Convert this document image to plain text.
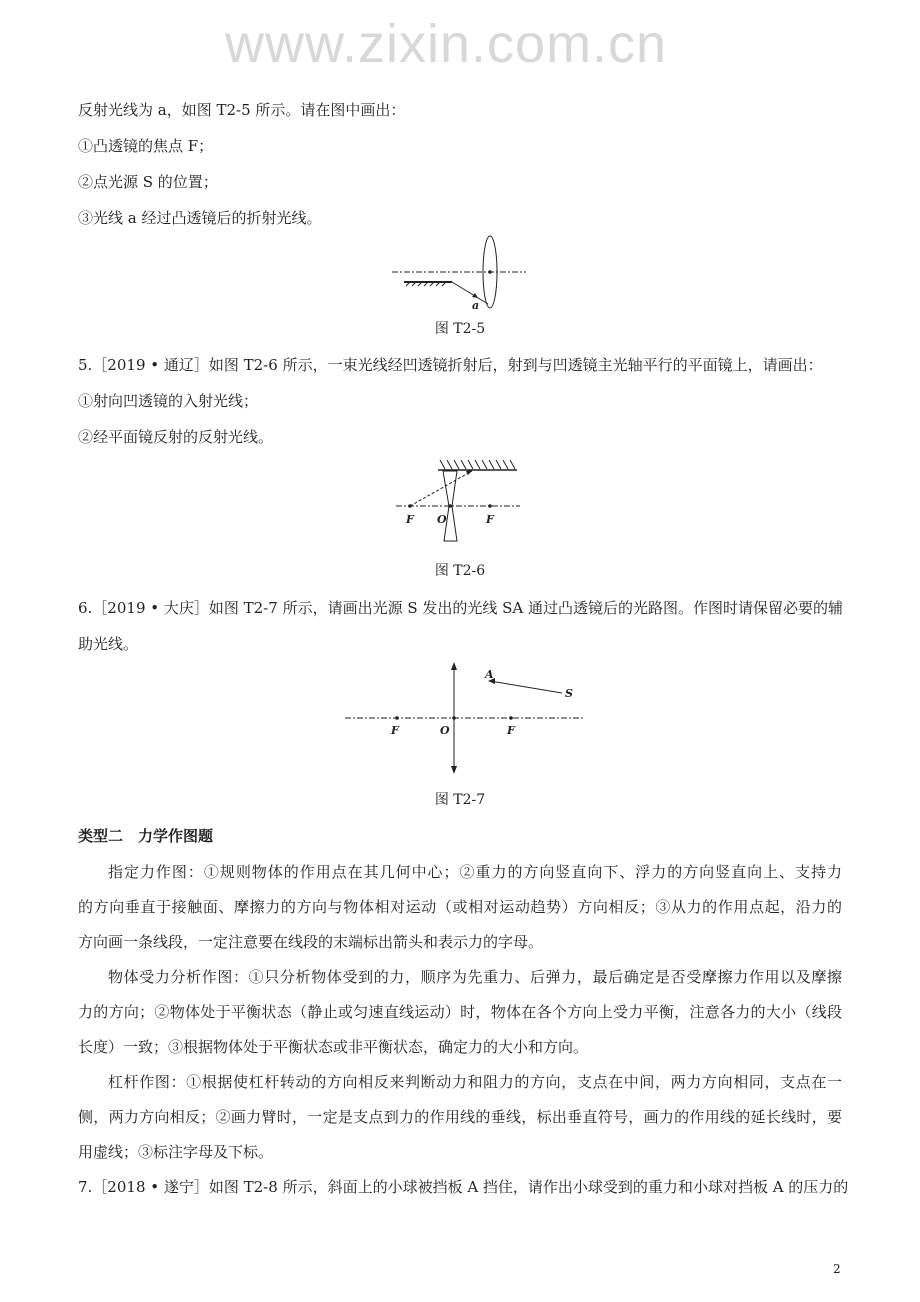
www.zixin.com.cn
反射光线为 a，如图 T2-5 所示。请在图中画出：
①凸透镜的焦点 F；
②点光源 S 的位置；
③光线 a 经过凸透镜后的折射光线。
a
图 T2-5
5.［2019 • 通辽］如图 T2-6 所示，一束光线经凹透镜折射后，射到与凹透镜主光轴平行的平面镜上，请画出：
①射向凹透镜的入射光线；
②经平面镜反射的反射光线。
F O	F
图 T2-6
6.［2019 • 大庆］如图 T2-7 所示，请画出光源 S 发出的光线 SA 通过凸透镜后的光路图。作图时请保留必要的辅
助光线。
A
S
F	O	F
图 T2-7
类型二　力学作图题
指定力作图：①规则物体的作用点在其几何中心；②重力的方向竖直向下、浮力的方向竖直向上、支持力
的方向垂直于接触面、摩擦力的方向与物体相对运动（或相对运动趋势）方向相反；③从力的作用点起，沿力的
方向画一条线段，一定注意要在线段的末端标出箭头和表示力的字母。
物体受力分析作图：①只分析物体受到的力，顺序为先重力、后弹力，最后确定是否受摩擦力作用以及摩擦
力的方向；②物体处于平衡状态（静止或匀速直线运动）时，物体在各个方向上受力平衡，注意各力的大小（线段
长度）一致；③根据物体处于平衡状态或非平衡状态，确定力的大小和方向。
杠杆作图：①根据使杠杆转动的方向相反来判断动力和阻力的方向，支点在中间，两力方向相同，支点在一
侧，两力方向相反；②画力臂时，一定是支点到力的作用线的垂线，标出垂直符号，画力的作用线的延长线时，要
用虚线；③标注字母及下标。
7.［2018 • 遂宁］如图 T2-8 所示，斜面上的小球被挡板 A 挡住，请作出小球受到的重力和小球对挡板 A 的压力的
2
